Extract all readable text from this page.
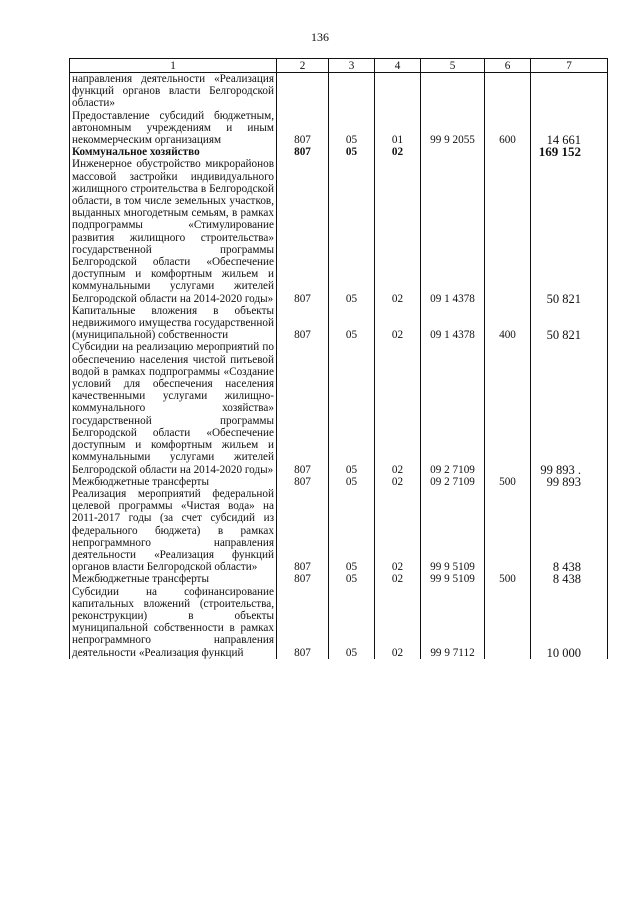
136
1	2	3	4	5	6	7
направления деятельности «Реализация функций органов власти Белгородской области»
Предоставление субсидий бюджетным, автономным учреждениям и иным некоммерческим организациям	807	05	01	99 9 2055	600	14 661
Коммунальное хозяйство	807	05	02			169 152
Инженерное обустройство микрорайонов массовой застройки индивидуального жилищного строительства в Белгородской области, в том числе земельных участков, выданных многодетным семьям, в рамках подпрограммы «Стимулирование развития жилищного строительства» государственной программы Белгородской области «Обеспечение доступным и комфортным жильем и коммунальными услугами жителей Белгородской области на 2014-2020 годы»	807	05	02	09 1 4378		50 821
Капитальные вложения в объекты недвижимого имущества государственной (муниципальной) собственности	807	05	02	09 1 4378	400	50 821
Субсидии на реализацию мероприятий по обеспечению населения чистой питьевой водой в рамках подпрограммы «Создание условий для обеспечения населения качественными услугами жилищно-коммунального хозяйства» государственной программы Белгородской области «Обеспечение доступным и комфортным жильем и коммунальными услугами жителей Белгородской области на 2014-2020 годы»	807	05	02	09 2 7109		99 893 .
Межбюджетные трансферты	807	05	02	09 2 7109	500	99 893
Реализация мероприятий федеральной целевой программы «Чистая вода» на 2011-2017 годы (за счет субсидий из федерального бюджета) в рамках непрограммного направления деятельности «Реализация функций органов власти Белгородской области»	807	05	02	99 9 5109		8 438
Межбюджетные трансферты	807	05	02	99 9 5109	500	8 438
Субсидии на софинансирование капитальных вложений (строительства, реконструкции) в объекты муниципальной собственности в рамках непрограммного направления деятельности «Реализация функций	807	05	02	99 9 7112		10 000
